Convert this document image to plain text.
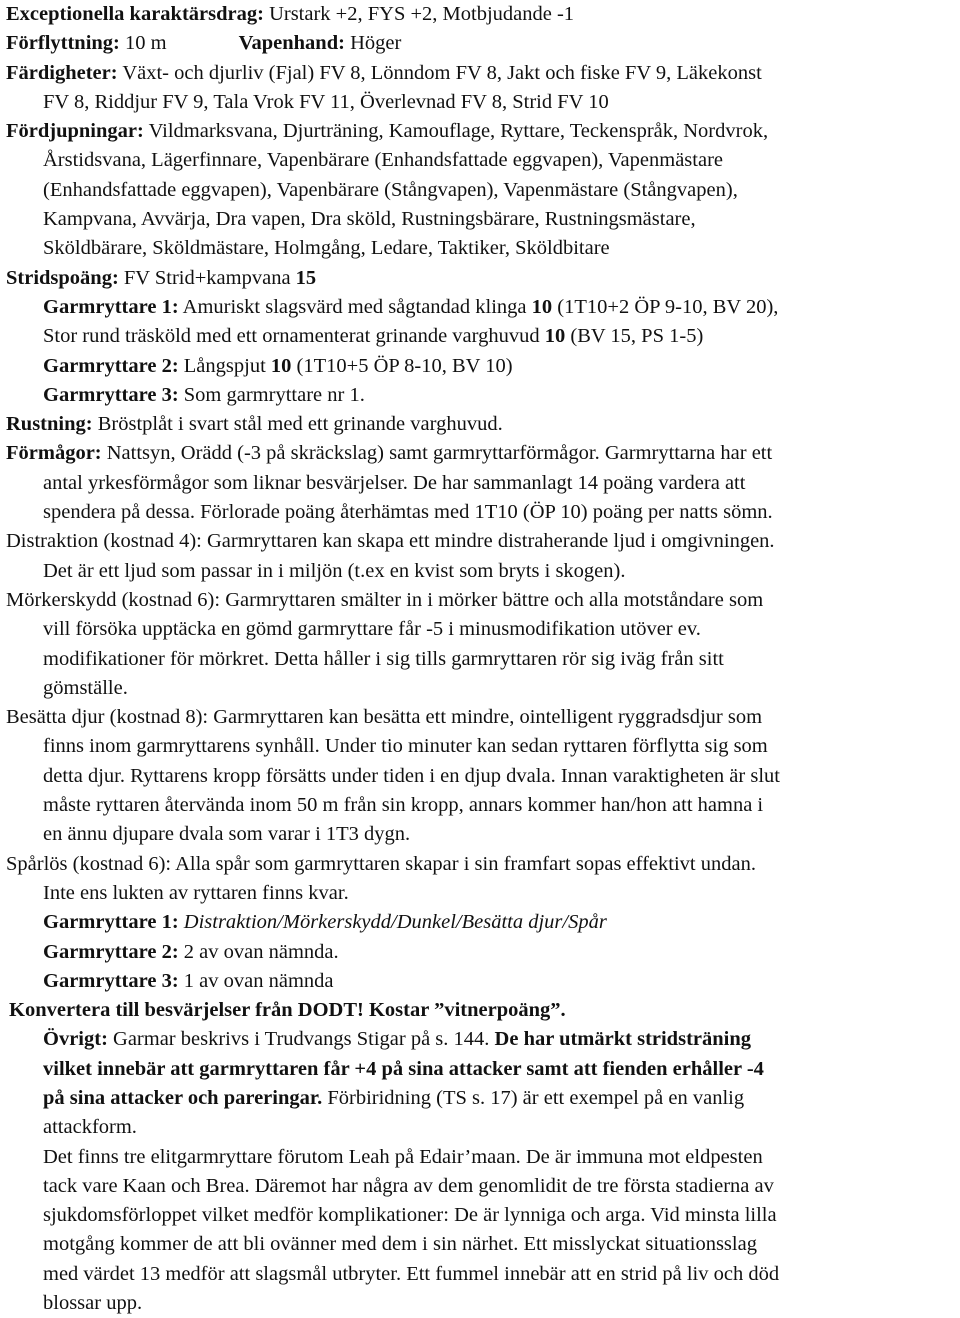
Exceptionella karaktärsdrag: Urstark +2, FYS +2, Motbjudande -1

Förflyttning: 10 m	Vapenhand: Höger

Färdigheter: Växt- och djurliv (Fjal) FV 8, Lönndom FV 8, Jakt och fiske FV 9, Läkekonst
FV 8, Riddjur FV 9, Tala Vrok FV 11, Överlevnad FV 8, Strid FV 10
Fördjupningar: Vildmarksvana, Djurträning, Kamouflage, Ryttare, Teckenspråk, Nordvrok,
Årstidsvana, Lägerfinnare, Vapenbärare (Enhandsfattade eggvapen), Vapenmästare
(Enhandsfattade eggvapen), Vapenbärare (Stångvapen), Vapenmästare (Stångvapen),
Kampvana, Avvärja, Dra vapen, Dra sköld, Rustningsbärare, Rustningsmästare,
Sköldbärare, Sköldmästare, Holmgång, Ledare, Taktiker, Sköldbitare
Stridspoäng: FV Strid+kampvana 15
Garmryttare 1: Amuriskt slagsvärd med sågtandad klinga 10 (1T10+2 ÖP 9-10, BV 20),
Stor rund träsköld med ett ornamenterat grinande varghuvud 10 (BV 15, PS 1-5)
Garmryttare 2: Långspjut 10 (1T10+5 ÖP 8-10, BV 10)
Garmryttare 3: Som garmryttare nr 1.

Rustning: Bröstplåt i svart stål med ett grinande varghuvud.

Förmågor: Nattsyn, Orädd (-3 på skräckslag) samt garmryttarförmågor. Garmryttarna har ett
antal yrkesförmågor som liknar besvärjelser. De har sammanlagt 14 poäng vardera att
spendera på dessa. Förlorade poäng återhämtas med 1T10 (ÖP 10) poäng per natts sömn.
Distraktion (kostnad 4): Garmryttaren kan skapa ett mindre distraherande ljud i omgivningen.
Det är ett ljud som passar in i miljön (t.ex en kvist som bryts i skogen).
Mörkerskydd (kostnad 6): Garmryttaren smälter in i mörker bättre och alla motståndare som
vill försöka upptäcka en gömd garmryttare får -5 i minusmodifikation utöver ev.
modifikationer för mörkret. Detta håller i sig tills garmryttaren rör sig iväg från sitt
gömställe.
Besätta djur (kostnad 8): Garmryttaren kan besätta ett mindre, ointelligent ryggradsdjur som
finns inom garmryttarens synhåll. Under tio minuter kan sedan ryttaren förflytta sig som
detta djur. Ryttarens kropp försätts under tiden i en djup dvala. Innan varaktigheten är slut
måste ryttaren återvända inom 50 m från sin kropp, annars kommer han/hon att hamna i
en ännu djupare dvala som varar i 1T3 dygn.
Spårlös (kostnad 6): Alla spår som garmryttaren skapar i sin framfart sopas effektivt undan.
Inte ens lukten av ryttaren finns kvar.
Garmryttare 1: Distraktion/Mörkerskydd/Dunkel/Besätta djur/Spår
Garmryttare 2: 2 av ovan nämnda.
Garmryttare 3: 1 av ovan nämnda

Konvertera till besvärjelser från DODT! Kostar ”vitnerpoäng”.

Övrigt: Garmar beskrivs i Trudvangs Stigar på s. 144. De har utmärkt stridsträning
vilket innebär att garmryttaren får +4 på sina attacker samt att fienden erhåller -4
på sina attacker och pareringar. Förbiridning (TS s. 17) är ett exempel på en vanlig
attackform.
Det finns tre elitgarmryttare förutom Leah på Edair’maan. De är immuna mot eldpesten
tack vare Kaan och Brea. Däremot har några av dem genomlidit de tre första stadierna av
sjukdomsförloppet vilket medför komplikationer: De är lynniga och arga. Vid minsta lilla
motgång kommer de att bli ovänner med dem i sin närhet. Ett misslyckat situationsslag
med värdet 13 medför att slagsmål utbryter. Ett fummel innebär att en strid på liv och död
blossar upp.
